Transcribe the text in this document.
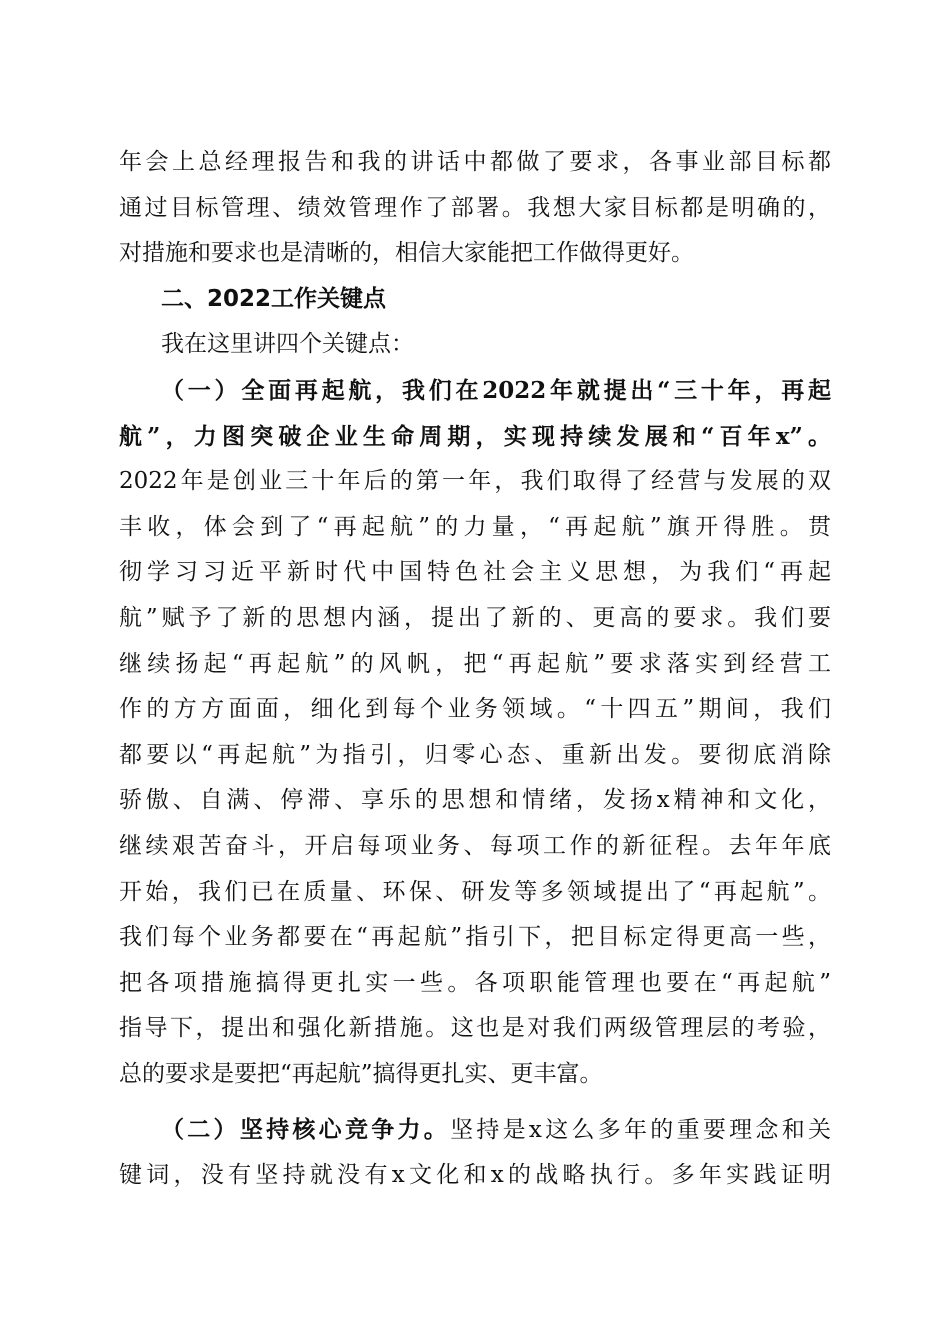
年会上总经理报告和我的讲话中都做了要求，各事业部目标都
通过目标管理、绩效管理作了部署。我想大家目标都是明确的，
对措施和要求也是清晰的，相信大家能把工作做得更好。
二、2022工作关键点
我在这里讲四个关键点：
（一）全面再起航，我们在2022年就提出“三十年，再起
航”，力图突破企业生命周期，实现持续发展和“百年x”。
2022年是创业三十年后的第一年，我们取得了经营与发展的双
丰收，体会到了“再起航”的力量，“再起航”旗开得胜。贯
彻学习习近平新时代中国特色社会主义思想，为我们“再起
航”赋予了新的思想内涵，提出了新的、更高的要求。我们要
继续扬起“再起航”的风帆，把“再起航”要求落实到经营工
作的方方面面，细化到每个业务领域。“十四五”期间，我们
都要以“再起航”为指引，归零心态、重新出发。要彻底消除
骄傲、自满、停滞、享乐的思想和情绪，发扬x精神和文化，
继续艰苦奋斗，开启每项业务、每项工作的新征程。去年年底
开始，我们已在质量、环保、研发等多领域提出了“再起航”。
我们每个业务都要在“再起航”指引下，把目标定得更高一些，
把各项措施搞得更扎实一些。各项职能管理也要在“再起航”
指导下，提出和强化新措施。这也是对我们两级管理层的考验，
总的要求是要把“再起航”搞得更扎实、更丰富。
（二）坚持核心竞争力。坚持是x这么多年的重要理念和关
键词，没有坚持就没有x文化和x的战略执行。多年实践证明
